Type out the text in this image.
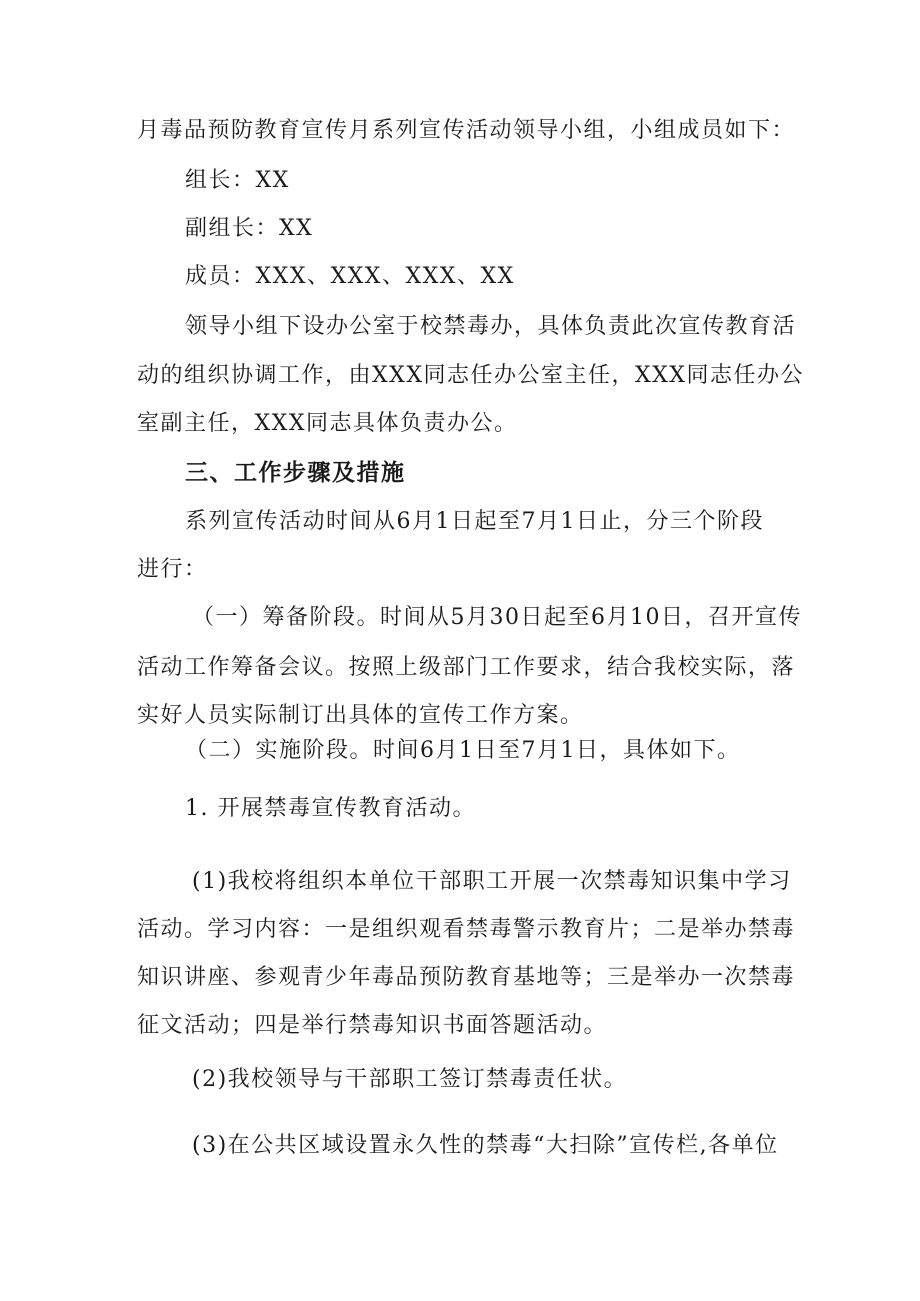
月毒品预防教育宣传月系列宣传活动领导小组，小组成员如下：
组长：XX
副组长：XX
成员：XXX、XXX、XXX、XX
领导小组下设办公室于校禁毒办，具体负责此次宣传教育活
动的组织协调工作，由XXX同志任办公室主任，XXX同志任办公
室副主任，XXX同志具体负责办公。
三、工作步骤及措施
系列宣传活动时间从6月1日起至7月1日止，分三个阶段
进行：
（一）筹备阶段。时间从5月30日起至6月10日，召开宣传
活动工作筹备会议。按照上级部门工作要求，结合我校实际，落
实好人员实际制订出具体的宣传工作方案。
（二）实施阶段。时间6月1日至7月1日，具体如下。
1. 开展禁毒宣传教育活动。
(1)我校将组织本单位干部职工开展一次禁毒知识集中学习
活动。学习内容：一是组织观看禁毒警示教育片；二是举办禁毒
知识讲座、参观青少年毒品预防教育基地等；三是举办一次禁毒
征文活动；四是举行禁毒知识书面答题活动。
(2)我校领导与干部职工签订禁毒责任状。
(3)在公共区域设置永久性的禁毒“大扫除”宣传栏,各单位
